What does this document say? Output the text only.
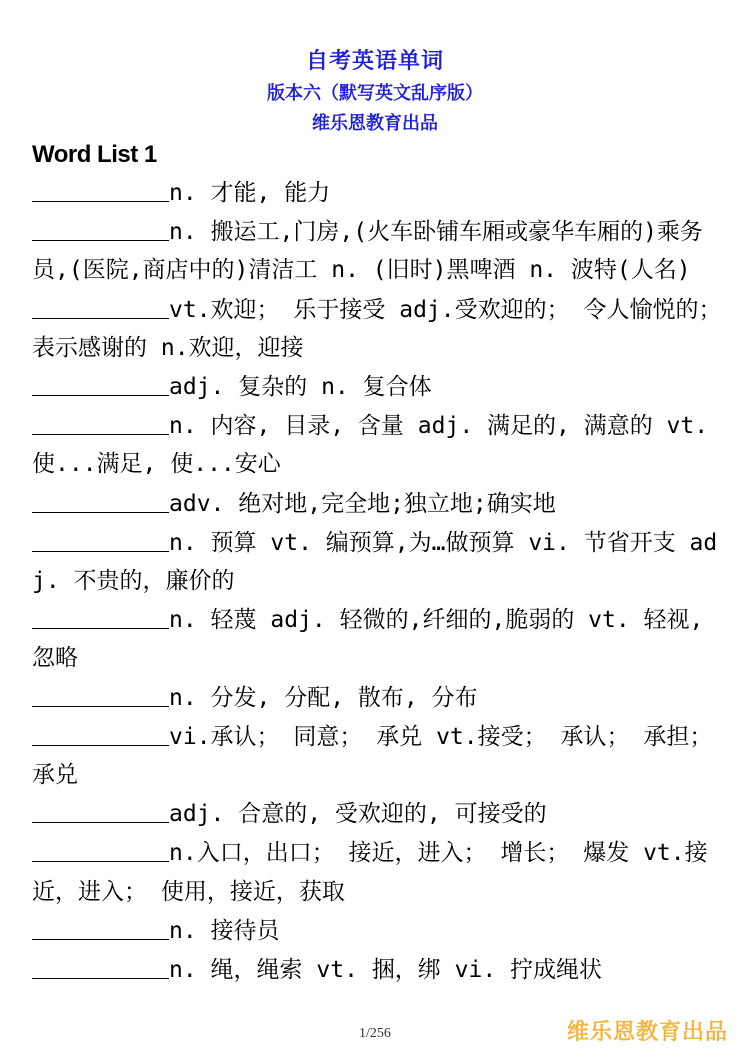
自考英语单词
版本六（默写英文乱序版）
维乐恩教育出品
Word List 1
n. 才能, 能力
n. 搬运工,门房,(火车卧铺车厢或豪华车厢的)乘务员,(医院,商店中的)清洁工 n. (旧时)黑啤酒 n. 波特(人名)
vt.欢迎； 乐于接受 adj.受欢迎的； 令人愉悦的； 表示感谢的 n.欢迎，迎接
adj. 复杂的 n. 复合体
n. 内容, 目录, 含量 adj. 满足的, 满意的 vt. 使...满足, 使...安心
adv. 绝对地,完全地;独立地;确实地
n. 预算 vt. 编预算,为…做预算 vi. 节省开支 adj. 不贵的，廉价的
n. 轻蔑 adj. 轻微的,纤细的,脆弱的 vt. 轻视,忽略
n. 分发, 分配, 散布, 分布
vi.承认； 同意； 承兑 vt.接受； 承认； 承担； 承兑
adj. 合意的, 受欢迎的, 可接受的
n.入口，出口； 接近，进入； 增长； 爆发 vt.接近，进入； 使用，接近，获取
n. 接待员
n. 绳，绳索 vt. 捆，绑 vi. 拧成绳状
1/256	维乐恩教育出品
